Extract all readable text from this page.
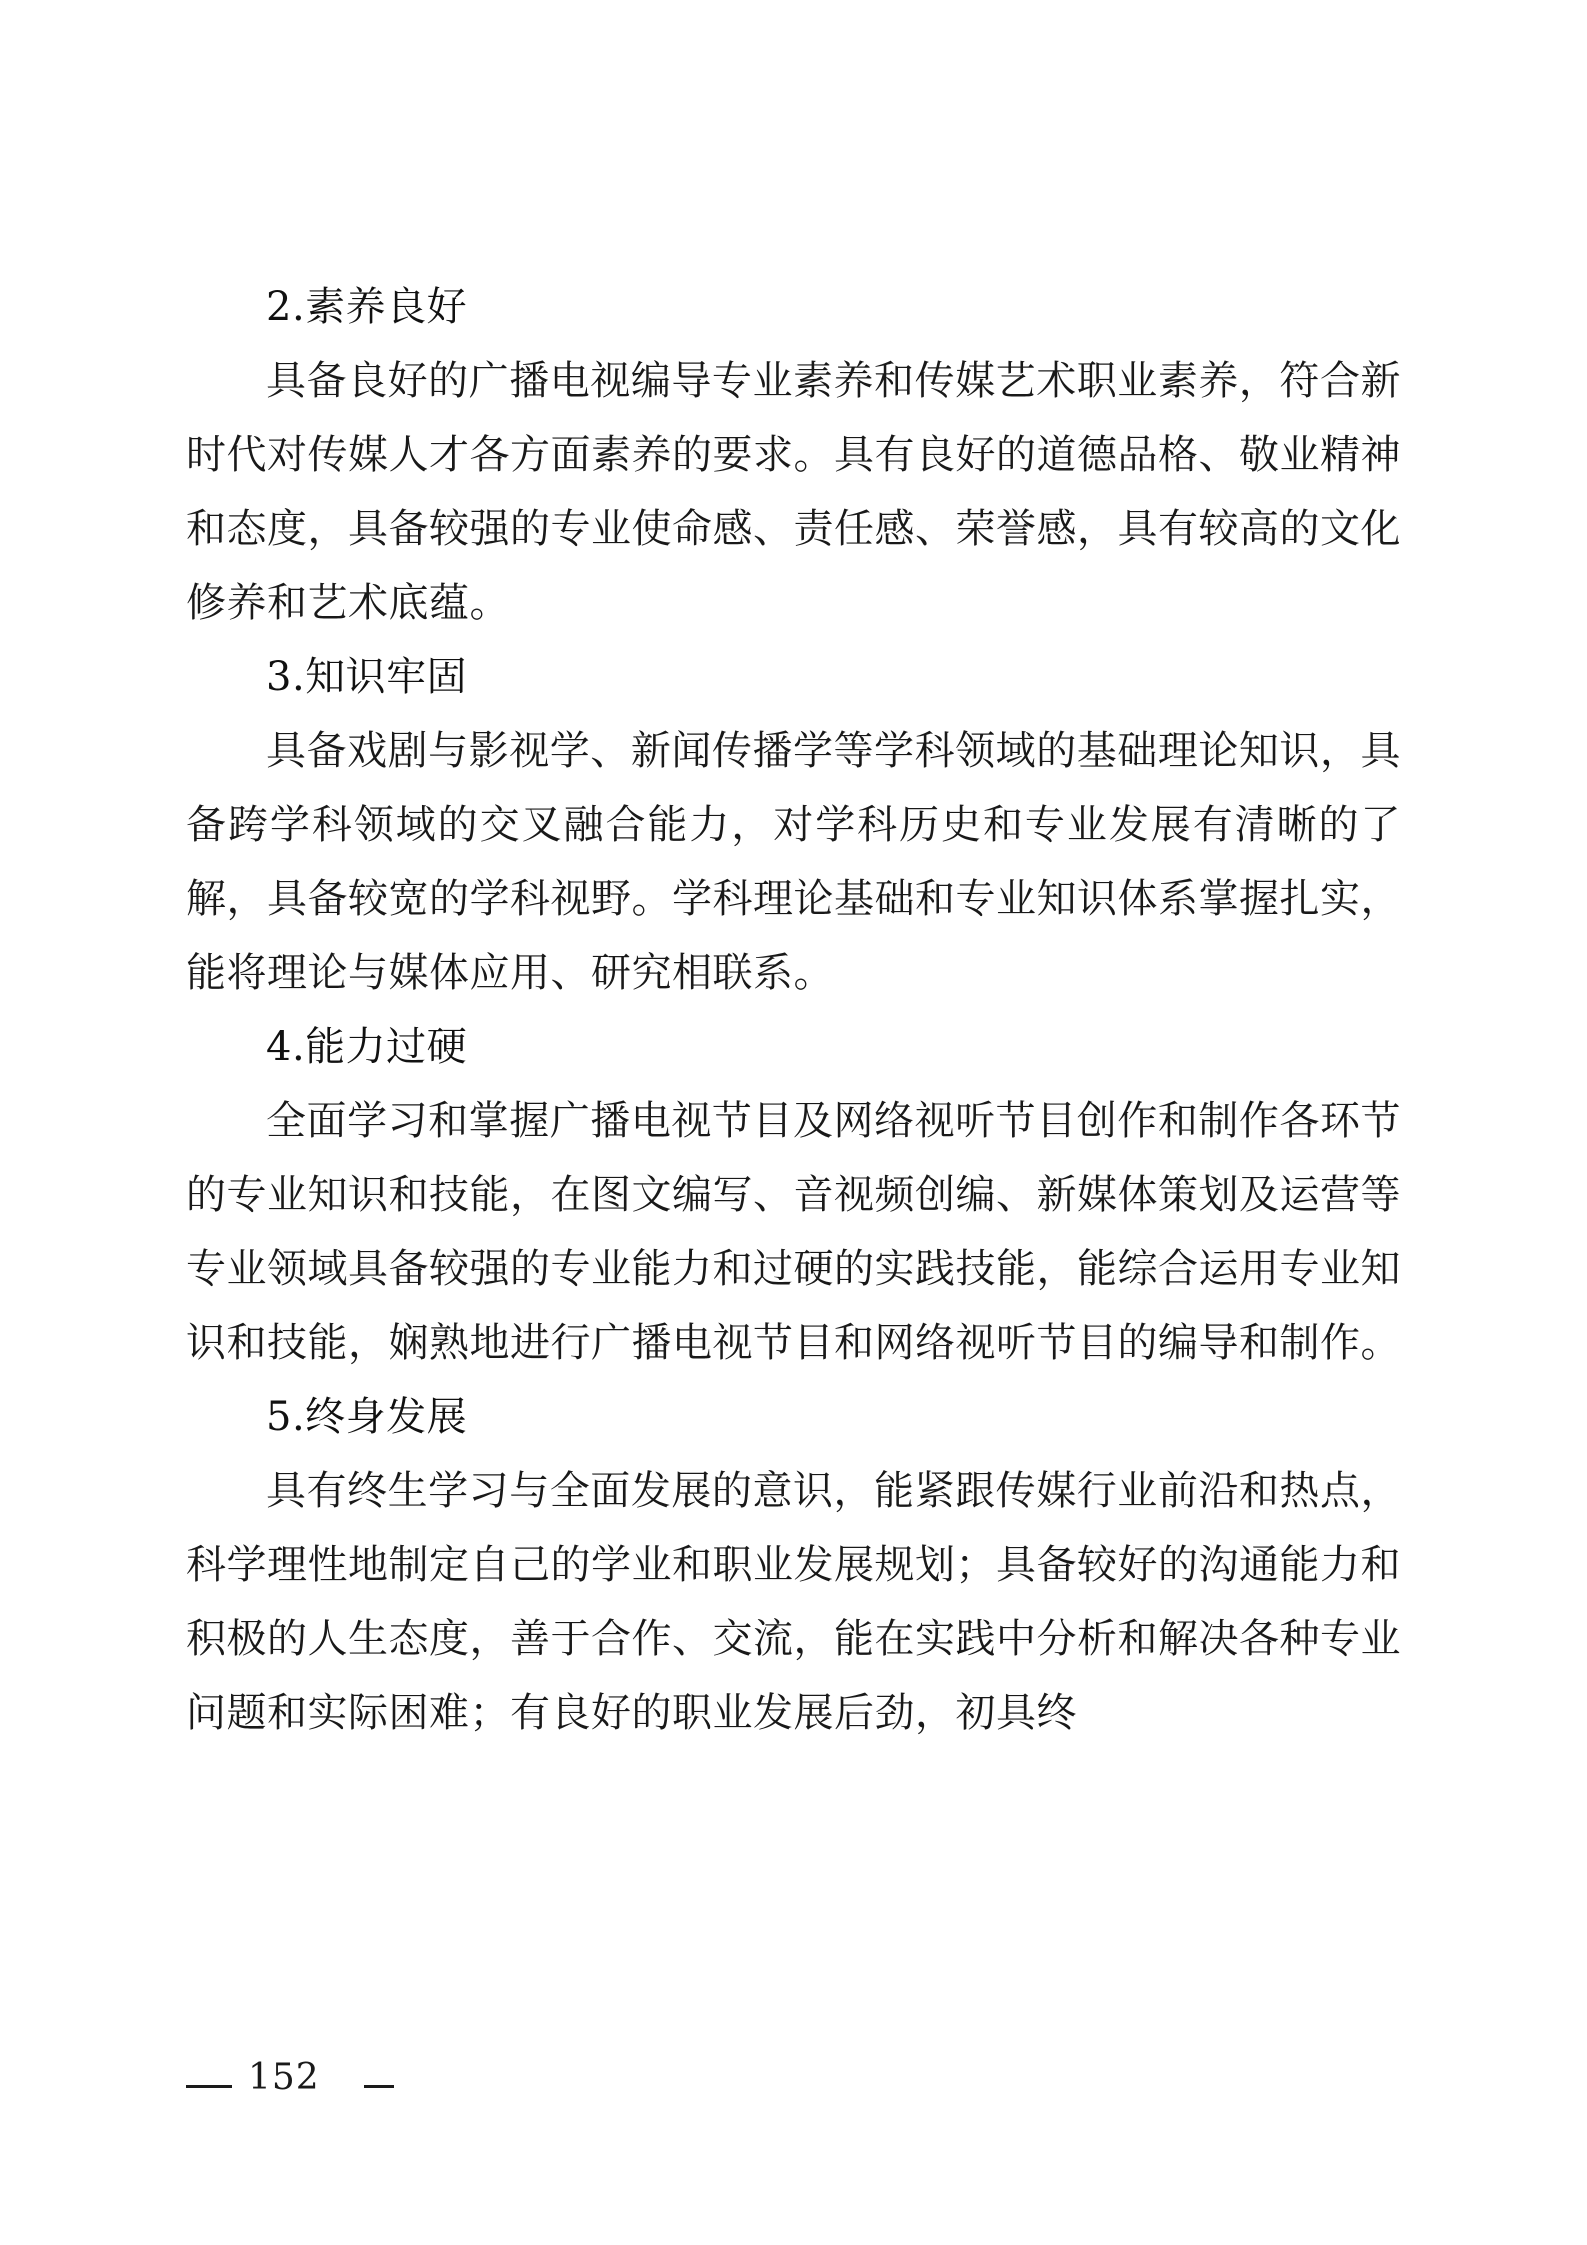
2.素养良好

具备良好的广播电视编导专业素养和传媒艺术职业素养，符合新时代对传媒人才各方面素养的要求。具有良好的道德品格、敬业精神和态度，具备较强的专业使命感、责任感、荣誉感，具有较高的文化修养和艺术底蕴。

3.知识牢固

具备戏剧与影视学、新闻传播学等学科领域的基础理论知识，具备跨学科领域的交叉融合能力，对学科历史和专业发展有清晰的了解，具备较宽的学科视野。学科理论基础和专业知识体系掌握扎实，能将理论与媒体应用、研究相联系。

4.能力过硬

全面学习和掌握广播电视节目及网络视听节目创作和制作各环节的专业知识和技能，在图文编写、音视频创编、新媒体策划及运营等专业领域具备较强的专业能力和过硬的实践技能，能综合运用专业知识和技能，娴熟地进行广播电视节目和网络视听节目的编导和制作。

5.终身发展

具有终生学习与全面发展的意识，能紧跟传媒行业前沿和热点，科学理性地制定自己的学业和职业发展规划；具备较好的沟通能力和积极的人生态度，善于合作、交流，能在实践中分析和解决各种专业问题和实际困难；有良好的职业发展后劲，初具终

152
